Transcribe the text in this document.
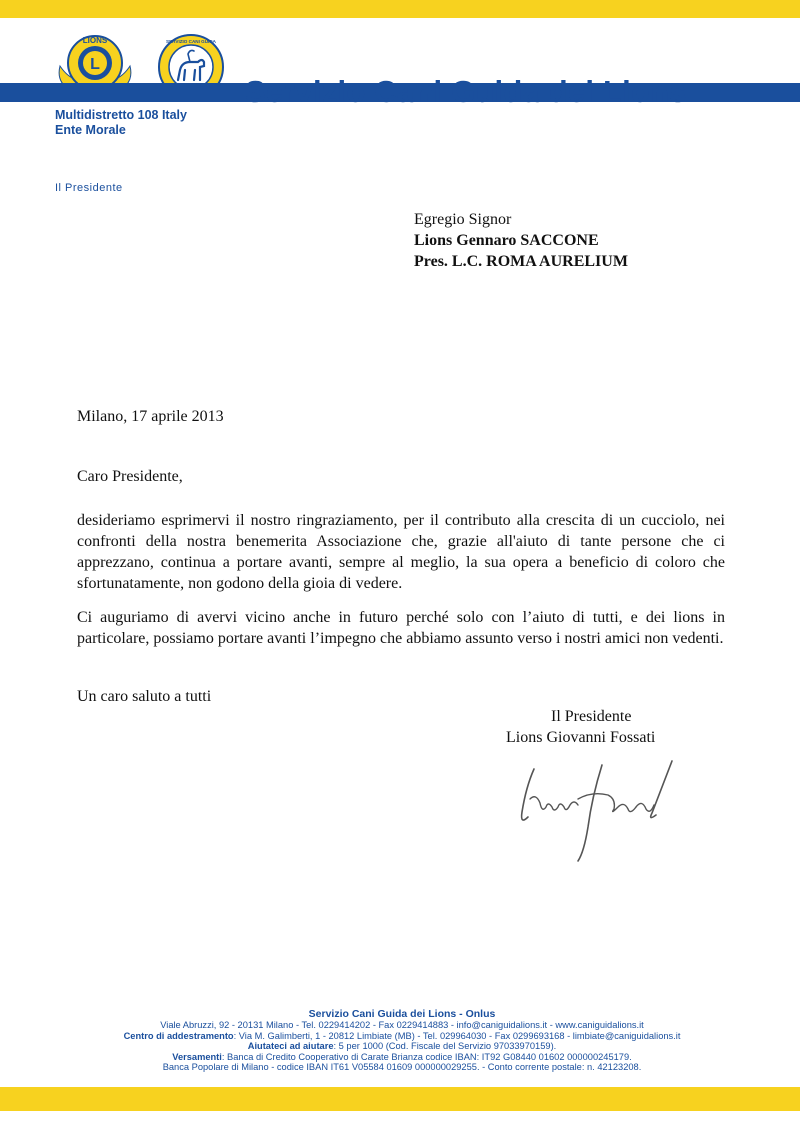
L
LIONS	SERVIZIO CANI GUIDA
Servizio Cani Guida dei Lions
Multidistretto 108 Italy
Ente Morale
Il Presidente
Egregio Signor
Lions Gennaro SACCONE
Pres. L.C. ROMA AURELIUM
Milano, 17 aprile 2013
Caro Presidente,

desideriamo esprimervi il nostro ringraziamento, per il contributo alla crescita di un cucciolo, nei confronti della nostra benemerita Associazione che, grazie all'aiuto di tante persone che ci apprezzano, continua a portare avanti, sempre al meglio, la sua opera a beneficio di coloro che sfortunatamente, non godono della gioia di vedere.

Ci auguriamo di avervi vicino anche in futuro perché solo con l’aiuto di tutti, e dei lions in particolare, possiamo portare avanti l’impegno che abbiamo assunto verso i nostri amici non vedenti.

Un caro saluto a tutti
Il Presidente
Lions Giovanni Fossati
Servizio Cani Guida dei Lions - Onlus
Viale Abruzzi, 92 - 20131 Milano - Tel. 0229414202 - Fax 0229414883 - info@caniguidalions.it - www.caniguidalions.it
Centro di addestramento: Via M. Galimberti, 1 - 20812 Limbiate (MB) - Tel. 029964030 - Fax 0299693168 - limbiate@caniguidalions.it
Aiutateci ad aiutare: 5 per 1000 (Cod. Fiscale del Servizio 97033970159).
Versamenti: Banca di Credito Cooperativo di Carate Brianza codice IBAN: IT92 G08440 01602 000000245179.
Banca Popolare di Milano - codice IBAN IT61 V05584 01609 000000029255. - Conto corrente postale: n. 42123208.
